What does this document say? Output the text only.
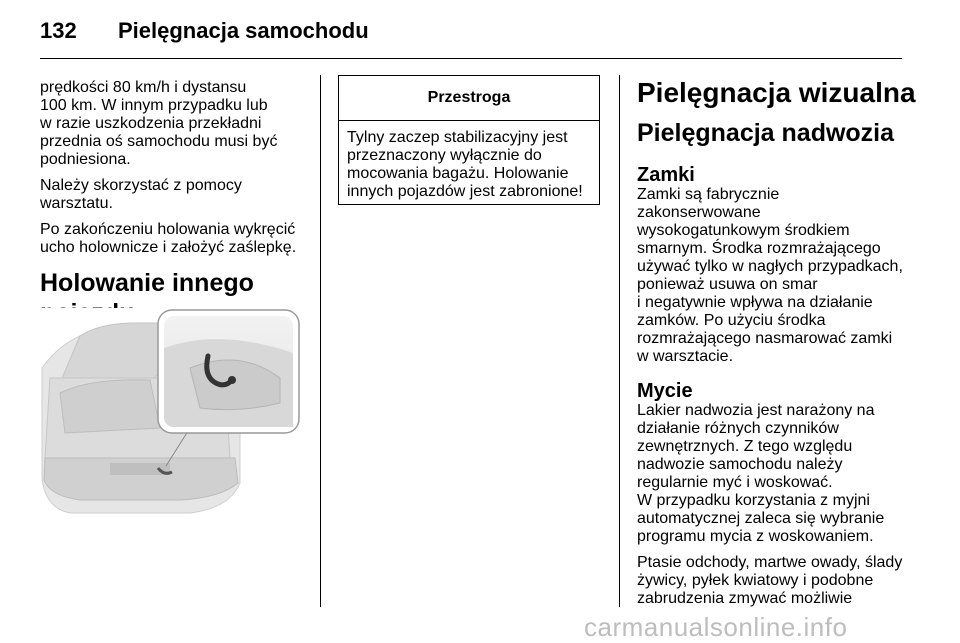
132 Pielęgnacja samochodu

prędkości 80 km/h i dystansu
100 km. W innym przypadku lub
w razie uszkodzenia przekładni
przednia oś samochodu musi być
podniesiona.

Należy skorzystać z pomocy
warsztatu.

Po zakończeniu holowania wykręcić
ucho holownicze i założyć zaślepkę.

Holowanie innego
Przestroga
Tylny zaczep stabilizacyjny jest
przeznaczony wyłącznie do
mocowania bagażu. Holowanie
innych pojazdów jest zabronione!
Pielęgnacja wizualna
Pielęgnacja nadwozia
Zamki

Zamki są fabrycznie
zakonserwowane
wysokogatunkowym środkiem
smarnym. Środka rozmrażającego
używać tylko w nagłych przypadkach,
ponieważ usuwa on smar
i negatywnie wpływa na działanie
zamków. Po użyciu środka
rozmrażającego nasmarować zamki
w warsztacie.

Mycie

Lakier nadwozia jest narażony na
działanie różnych czynników
zewnętrznych. Z tego względu
nadwozie samochodu należy
regularnie myć i woskować.
W przypadku korzystania z myjni
automatycznej zaleca się wybranie
programu mycia z woskowaniem.

Ptasie odchody, martwe owady, ślady
żywicy, pyłek kwiatowy i podobne
zabrudzenia zmywać możliwie

carmanualsonline.info
